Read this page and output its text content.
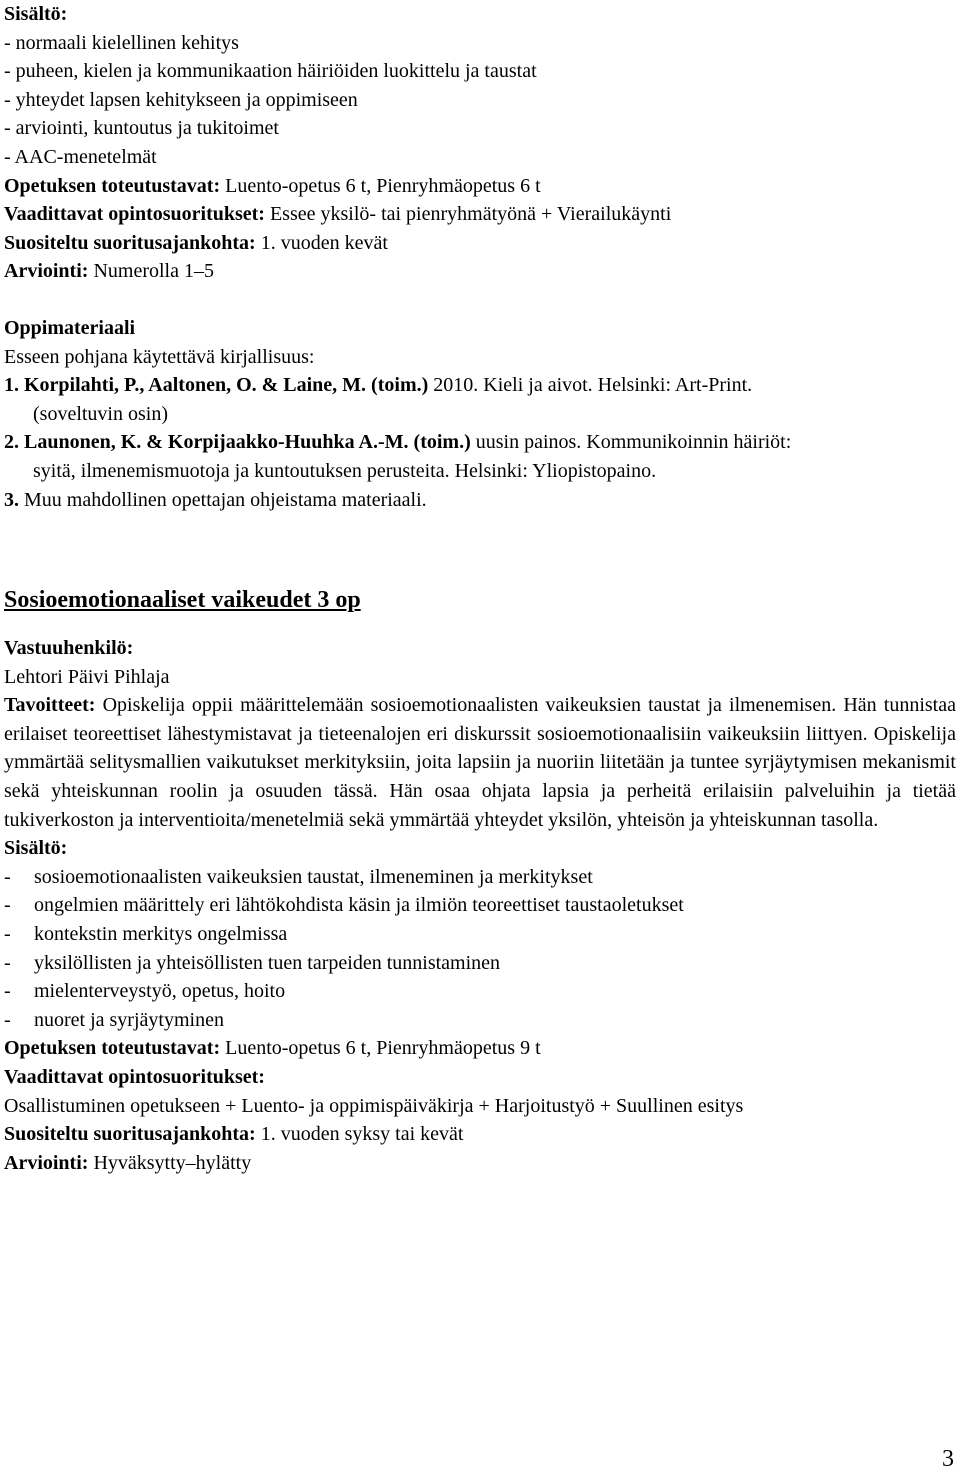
Sisältö:
- normaali kielellinen kehitys
- puheen, kielen ja kommunikaation häiriöiden luokittelu ja taustat
- yhteydet lapsen kehitykseen ja oppimiseen
- arviointi, kuntoutus ja tukitoimet
- AAC-menetelmät
Opetuksen toteutustavat: Luento-opetus 6 t, Pienryhmäopetus 6 t
Vaadittavat opintosuoritukset: Essee yksilö- tai pienryhmätyönä + Vierailukäynti
Suositeltu suoritusajankohta: 1. vuoden kevät
Arviointi: Numerolla 1–5
Oppimateriaali
Esseen pohjana käytettävä kirjallisuus:
1. Korpilahti, P., Aaltonen, O. & Laine, M. (toim.) 2010. Kieli ja aivot. Helsinki: Art-Print.
(soveltuvin osin)
2. Launonen, K. & Korpijaakko-Huuhka A.-M. (toim.) uusin painos. Kommunikoinnin häiriöt:
syitä, ilmenemismuotoja ja kuntoutuksen perusteita. Helsinki: Yliopistopaino.
3. Muu mahdollinen opettajan ohjeistama materiaali.
Sosioemotionaaliset vaikeudet 3 op
Vastuuhenkilö:
Lehtori Päivi Pihlaja
Tavoitteet: Opiskelija oppii määrittelemään sosioemotionaalisten vaikeuksien taustat ja ilmenemisen. Hän tunnistaa erilaiset teoreettiset lähestymistavat ja tieteenalojen eri diskurssit sosioemotionaalisiin vaikeuksiin liittyen. Opiskelija ymmärtää selitysmallien vaikutukset merkityksiin, joita lapsiin ja nuoriin liitetään ja tuntee syrjäytymisen mekanismit sekä yhteiskunnan roolin ja osuuden tässä. Hän osaa ohjata lapsia ja perheitä erilaisiin palveluihin ja tietää tukiverkoston ja interventioita/menetelmiä sekä ymmärtää yhteydet yksilön, yhteisön ja yhteiskunnan tasolla.
Sisältö:
-	sosioemotionaalisten vaikeuksien taustat, ilmeneminen ja merkitykset
-	ongelmien määrittely eri lähtökohdista käsin ja ilmiön teoreettiset taustaoletukset
-	kontekstin merkitys ongelmissa
-	yksilöllisten ja yhteisöllisten tuen tarpeiden tunnistaminen
-	mielenterveystyö, opetus, hoito
-	nuoret ja syrjäytyminen
Opetuksen toteutustavat: Luento-opetus 6 t, Pienryhmäopetus 9 t
Vaadittavat opintosuoritukset:
Osallistuminen opetukseen + Luento- ja oppimispäiväkirja + Harjoitustyö + Suullinen esitys
Suositeltu suoritusajankohta: 1. vuoden syksy tai kevät
Arviointi: Hyväksytty–hylätty
3
